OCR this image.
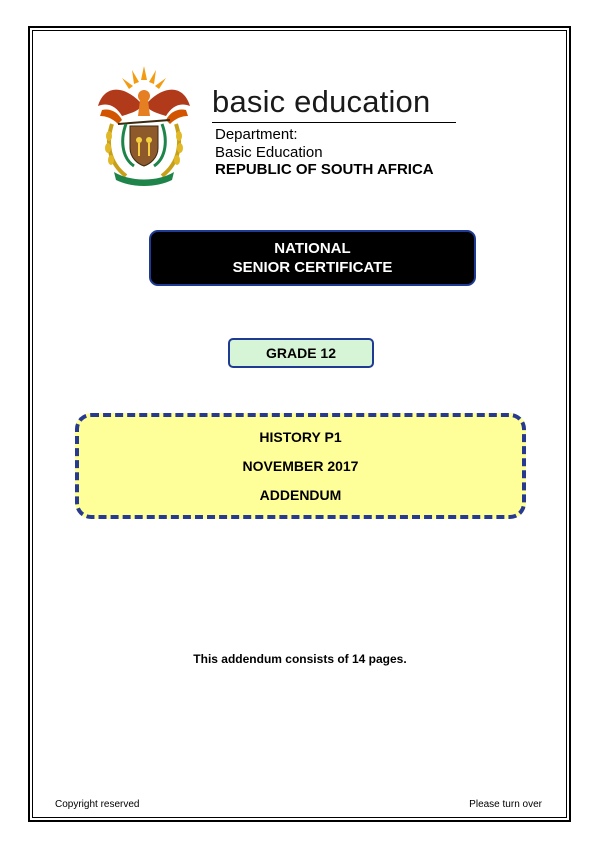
basic education
Department:
Basic Education
REPUBLIC OF SOUTH AFRICA
NATIONAL
SENIOR CERTIFICATE
GRADE 12
HISTORY P1
NOVEMBER 2017
ADDENDUM
This addendum consists of 14 pages.
Copyright reserved	Please turn over
